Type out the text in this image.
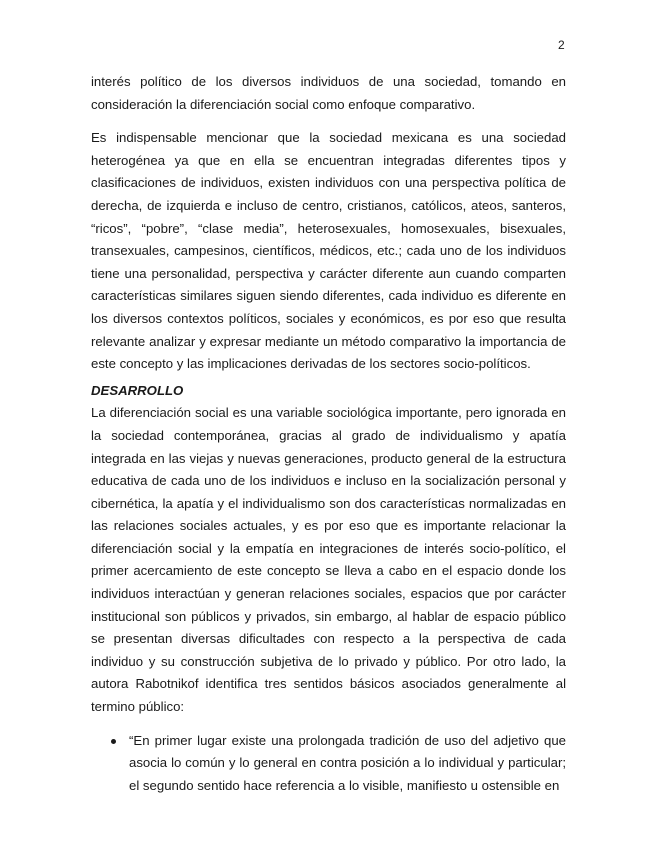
2

interés político de los diversos individuos de una sociedad, tomando en consideración la diferenciación social como enfoque comparativo.

Es indispensable mencionar que la sociedad mexicana es una sociedad heterogénea ya que en ella se encuentran integradas diferentes tipos y clasificaciones de individuos, existen individuos con una perspectiva política de derecha, de izquierda e incluso de centro, cristianos, católicos, ateos, santeros, “ricos”, “pobre”, “clase media”, heterosexuales, homosexuales, bisexuales, transexuales, campesinos, científicos, médicos, etc.; cada uno de los individuos tiene una personalidad, perspectiva y carácter diferente aun cuando comparten características similares siguen siendo diferentes, cada individuo es diferente en los diversos contextos políticos, sociales y económicos, es por eso que resulta relevante analizar y expresar mediante un método comparativo la importancia de este concepto y las implicaciones derivadas de los sectores socio-políticos.

DESARROLLO

La diferenciación social es una variable sociológica importante, pero ignorada en la sociedad contemporánea, gracias al grado de individualismo y apatía integrada en las viejas y nuevas generaciones, producto general de la estructura educativa de cada uno de los individuos e incluso en la socialización personal y cibernética, la apatía y el individualismo son dos características normalizadas en las relaciones sociales actuales, y es por eso que es importante relacionar la diferenciación social y la empatía en integraciones de interés socio-político, el primer acercamiento de este concepto se lleva a cabo en el espacio donde los individuos interactúan y generan relaciones sociales, espacios que por carácter institucional son públicos y privados, sin embargo, al hablar de espacio público se presentan diversas dificultades con respecto a la perspectiva de cada individuo y su construcción subjetiva de lo privado y público. Por otro lado, la autora Rabotnikof identifica tres sentidos básicos asociados generalmente al termino público:

“En primer lugar existe una prolongada tradición de uso del adjetivo que asocia lo común y lo general en contra posición a lo individual y particular; el segundo sentido hace referencia a lo visible, manifiesto u ostensible en
